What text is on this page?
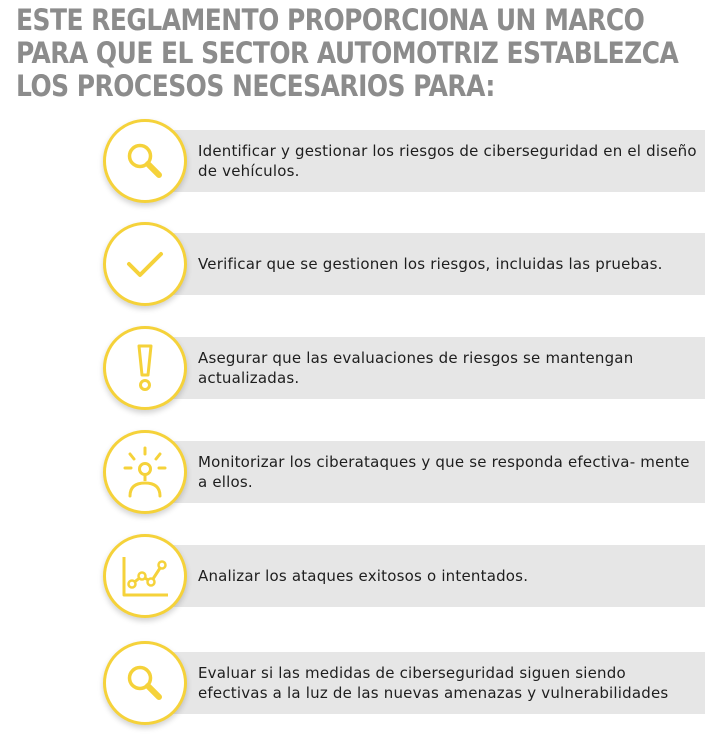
ESTE REGLAMENTO PROPORCIONA UN MARCO
PARA QUE EL SECTOR AUTOMOTRIZ ESTABLEZCA
LOS PROCESOS NECESARIOS PARA:
Identificar y gestionar los riesgos de ciberseguridad en el diseño de vehículos.
Verificar que se gestionen los riesgos, incluidas las pruebas.
Asegurar que las evaluaciones de riesgos se mantengan actualizadas.
Monitorizar los ciberataques y que se responda efectiva- mente a ellos.
Analizar los ataques exitosos o intentados.
Evaluar si las medidas de ciberseguridad siguen siendo efectivas a la luz de las nuevas amenazas y vulnerabilidades
